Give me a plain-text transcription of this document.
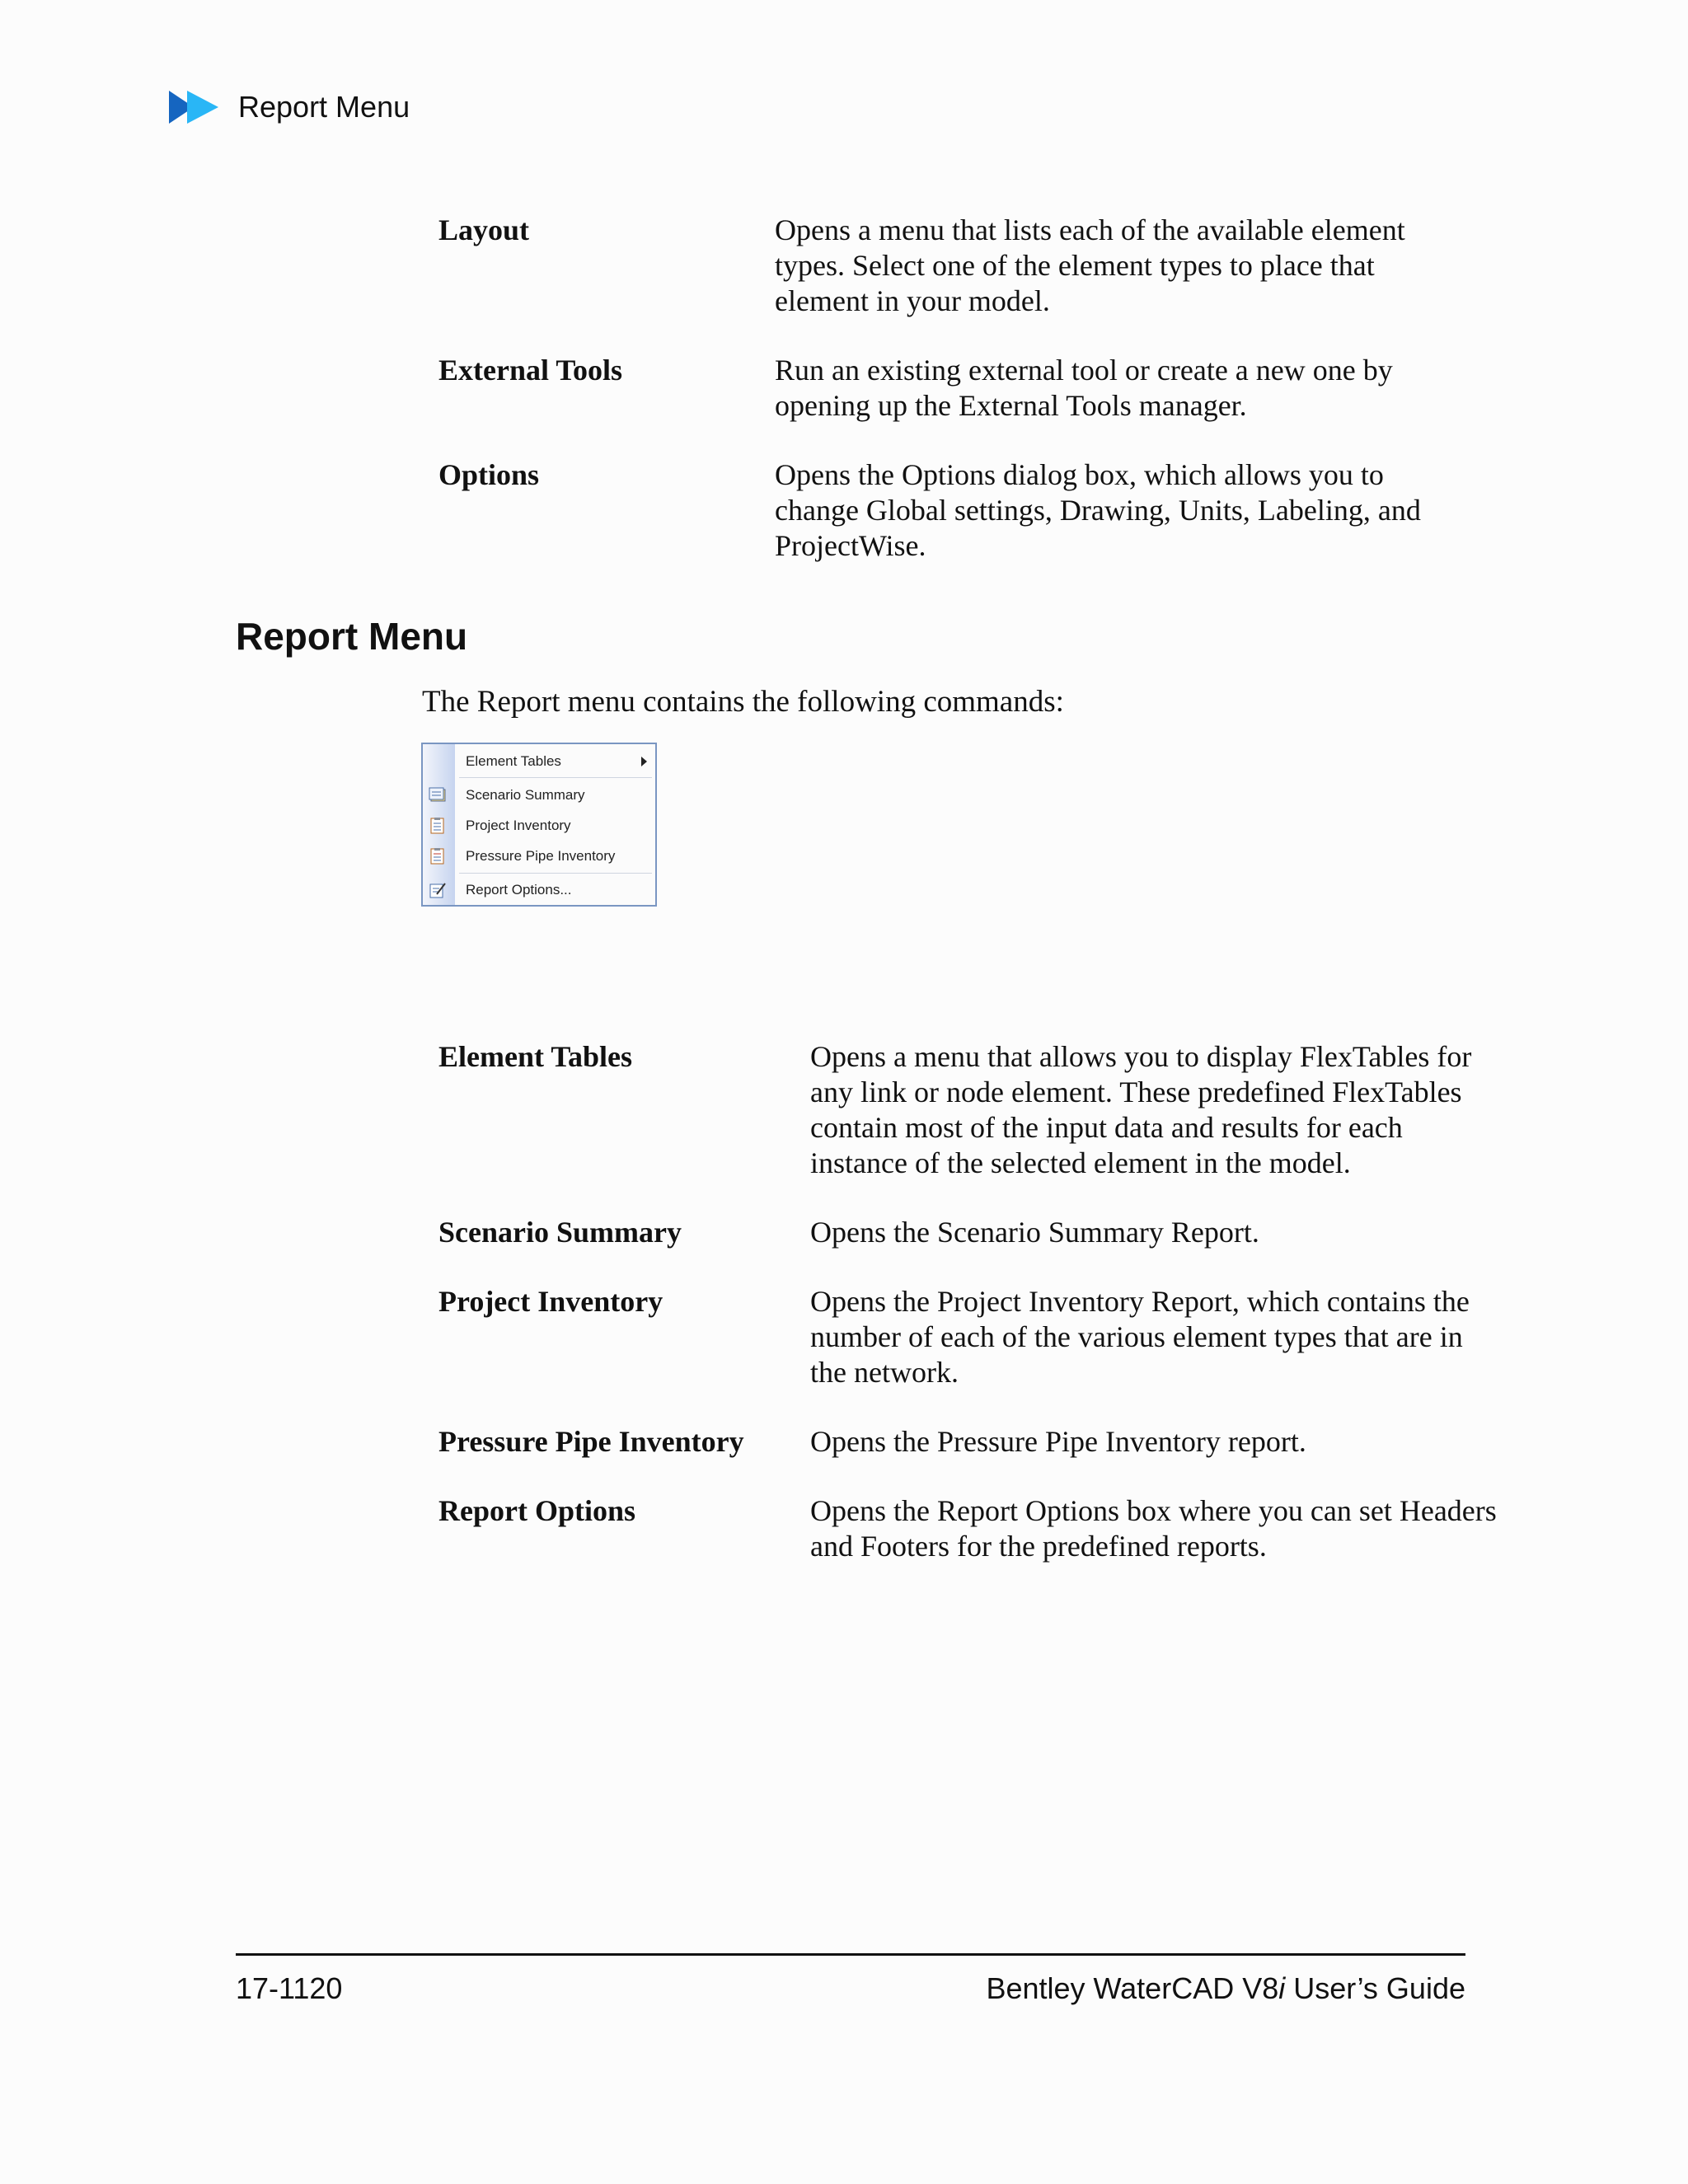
Report Menu
Layout	Opens a menu that lists each of the available element types. Select one of the element types to place that element in your model.
External Tools	Run an existing external tool or create a new one by opening up the External Tools manager.
Options	Opens the Options dialog box, which allows you to change Global settings, Drawing, Units, Labeling, and ProjectWise.
Report Menu
The Report menu contains the following commands:
Element Tables
Scenario Summary
Project Inventory
Pressure Pipe Inventory
Report Options...
Element Tables	Opens a menu that allows you to display FlexTables for any link or node element. These predefined FlexTables contain most of the input data and results for each instance of the selected element in the model.
Scenario Summary	Opens the Scenario Summary Report.
Project Inventory	Opens the Project Inventory Report, which contains the number of each of the various element types that are in the network.
Pressure Pipe Inventory	Opens the Pressure Pipe Inventory report.
Report Options	Opens the Report Options box where you can set Headers and Footers for the predefined reports.
17-1120	Bentley WaterCAD V8i User’s Guide
